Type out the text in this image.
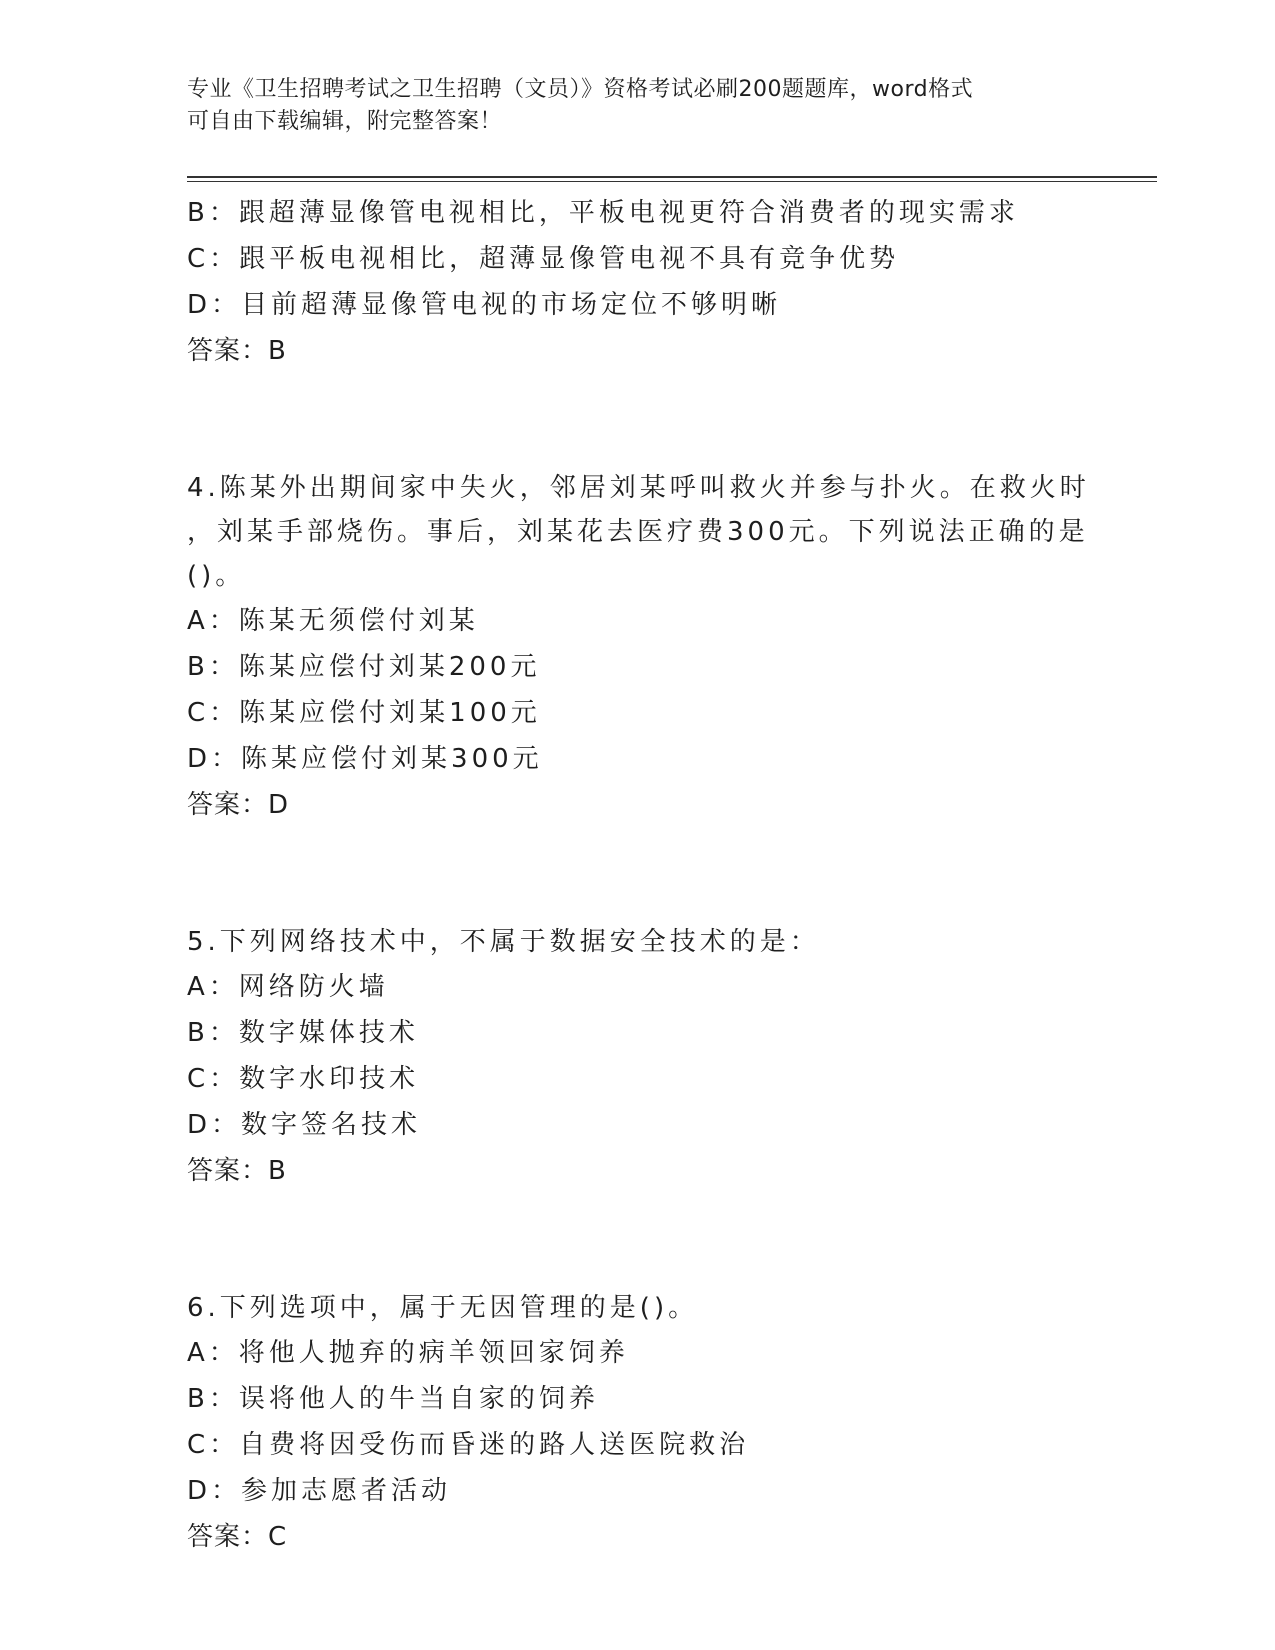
专业《卫生招聘考试之卫生招聘（文员）》资格考试必刷200题题库，word格式
可自由下载编辑，附完整答案！
B：跟超薄显像管电视相比，平板电视更符合消费者的现实需求
C：跟平板电视相比，超薄显像管电视不具有竞争优势
D：目前超薄显像管电视的市场定位不够明晰
答案：B
4.陈某外出期间家中失火，邻居刘某呼叫救火并参与扑火。在救火时
，刘某手部烧伤。事后，刘某花去医疗费300元。下列说法正确的是
()。
A：陈某无须偿付刘某
B：陈某应偿付刘某200元
C：陈某应偿付刘某100元
D：陈某应偿付刘某300元
答案：D
5.下列网络技术中，不属于数据安全技术的是：
A：网络防火墙
B：数字媒体技术
C：数字水印技术
D：数字签名技术
答案：B
6.下列选项中，属于无因管理的是()。
A：将他人抛弃的病羊领回家饲养
B：误将他人的牛当自家的饲养
C：自费将因受伤而昏迷的路人送医院救治
D：参加志愿者活动
答案：C
